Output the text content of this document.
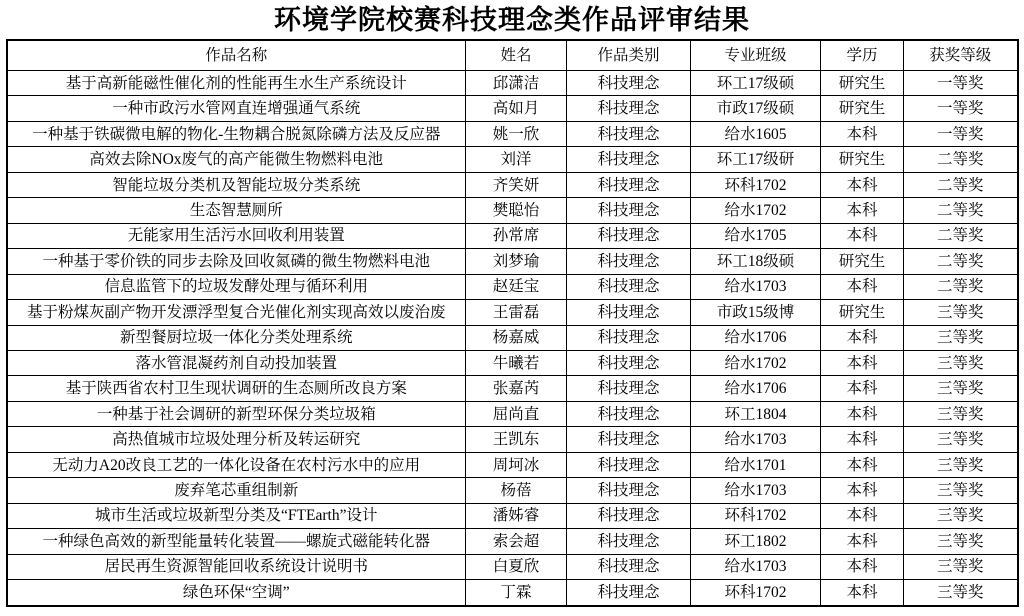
环境学院校赛科技理念类作品评审结果
作品名称	姓名	作品类别	专业班级	学历	获奖等级
基于高新能磁性催化剂的性能再生水生产系统设计	邱潇洁	科技理念	环工17级硕	研究生	一等奖
一种市政污水管网直连增强通气系统	高如月	科技理念	市政17级硕	研究生	一等奖
一种基于铁碳微电解的物化-生物耦合脱氮除磷方法及反应器	姚一欣	科技理念	给水1605	本科	一等奖
高效去除NOx废气的高产能微生物燃料电池	刘洋	科技理念	环工17级研	研究生	二等奖
智能垃圾分类机及智能垃圾分类系统	齐笑妍	科技理念	环科1702	本科	二等奖
生态智慧厕所	樊聪怡	科技理念	给水1702	本科	二等奖
无能家用生活污水回收利用装置	孙常席	科技理念	给水1705	本科	二等奖
一种基于零价铁的同步去除及回收氮磷的微生物燃料电池	刘梦瑜	科技理念	环工18级硕	研究生	二等奖
信息监管下的垃圾发酵处理与循环利用	赵廷宝	科技理念	给水1703	本科	二等奖
基于粉煤灰副产物开发漂浮型复合光催化剂实现高效以废治废	王雷磊	科技理念	市政15级博	研究生	三等奖
新型餐厨垃圾一体化分类处理系统	杨嘉威	科技理念	给水1706	本科	三等奖
落水管混凝药剂自动投加装置	牛曦若	科技理念	给水1702	本科	三等奖
基于陕西省农村卫生现状调研的生态厕所改良方案	张嘉芮	科技理念	给水1706	本科	三等奖
一种基于社会调研的新型环保分类垃圾箱	屈尚直	科技理念	环工1804	本科	三等奖
高热值城市垃圾处理分析及转运研究	王凯东	科技理念	给水1703	本科	三等奖
无动力A20改良工艺的一体化设备在农村污水中的应用	周坷冰	科技理念	给水1701	本科	三等奖
废弃笔芯重组制新	杨蓓	科技理念	给水1703	本科	三等奖
城市生活或垃圾新型分类及“FTEarth”设计	潘姊睿	科技理念	环科1702	本科	三等奖
一种绿色高效的新型能量转化装置——螺旋式磁能转化器	索会超	科技理念	环工1802	本科	三等奖
居民再生资源智能回收系统设计说明书	白夏欣	科技理念	给水1703	本科	三等奖
绿色环保“空调”	丁霖	科技理念	环科1702	本科	三等奖
